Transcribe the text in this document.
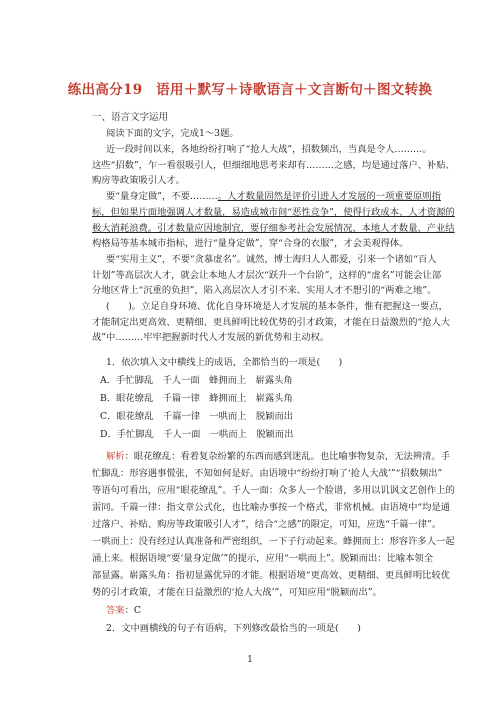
练出高分19　语用＋默写＋诗歌语言＋文言断句＋图文转换
一、语言文字运用
阅读下面的文字，完成1～3题。
近一段时间以来，各地纷纷打响了“抢人大战”，招数频出，当真是令人………。
这些“招数”，乍一看很吸引人，但细细地思考来却有………之感，均是通过落户、补贴、
购房等政策吸引人才。
要“量身定做”，不要………。人才数量固然是评价引进人才发展的一项重要原则指
标，但如果片面地强调人才数量，易造成城市间“恶性竞争”，使得行政成本、人才资源的
极大消耗浪费。引才数量应因地制宜，要仔细参考社会发展情况、本地人才数量、产业结
构格局等基本城市指标，进行“量身定做”，穿“合身的衣服”，才会美观得体。
要“实用主义”，不要“贪慕虚名”。诚然，博士海归人人都爱，引来一个诸如“百人
计划”等高层次人才，就会让本地人才层次“跃升一个台阶”，这样的“虚名”可能会让部
分地区背上“沉重的负担”，陷入高层次人才引不来、实用人才不想引的“两难之地”。
(　　)。立足自身环境、优化自身环境是人才发展的基本条件，惟有把握这一要点，
才能制定出更高效、更精细、更具鲜明比较优势的引才政策，才能在日益激烈的“抢人大
战”中………牢牢把握新时代人才发展的新优势和主动权。
1．依次填入文中横线上的成语，全都恰当的一项是(　　)
A．手忙脚乱　千人一面　蜂拥而上　崭露头角
B．眼花缭乱　千篇一律　蜂拥而上　崭露头角
C．眼花缭乱　千篇一律　一哄而上　脱颖而出
D．手忙脚乱　千人一面　一哄而上　脱颖而出
解析：眼花缭乱：看着复杂纷繁的东西而感到迷乱。也比喻事物复杂，无法辨清。手
忙脚乱：形容遇事慌张，不知如何是好。由语境中“纷纷打响了‘抢人大战’”“招数频出”
等语句可看出，应用“眼花缭乱”。千人一面：众多人一个脸谱，多用以讥讽文艺创作上的
雷同。千篇一律：指文章公式化，也比喻办事按一个格式，非常机械。由语境中“均是通
过落户、补贴、购房等政策吸引人才”，结合“之感”的限定，可知，应选“千篇一律”。
一哄而上：没有经过认真准备和严密组织，一下子行动起来。蜂拥而上：形容许多人一起
涌上来。根据语境“要‘量身定做’”的提示，应用“一哄而上”。脱颖而出：比喻本领全
部显露。崭露头角：指初显露优异的才能。根据语境“更高效、更精细、更具鲜明比较优
势的引才政策，才能在日益激烈的‘抢人大战’”，可知应用“脱颖而出”。
答案：C
2．文中画横线的句子有语病，下列修改最恰当的一项是(　　)
1
